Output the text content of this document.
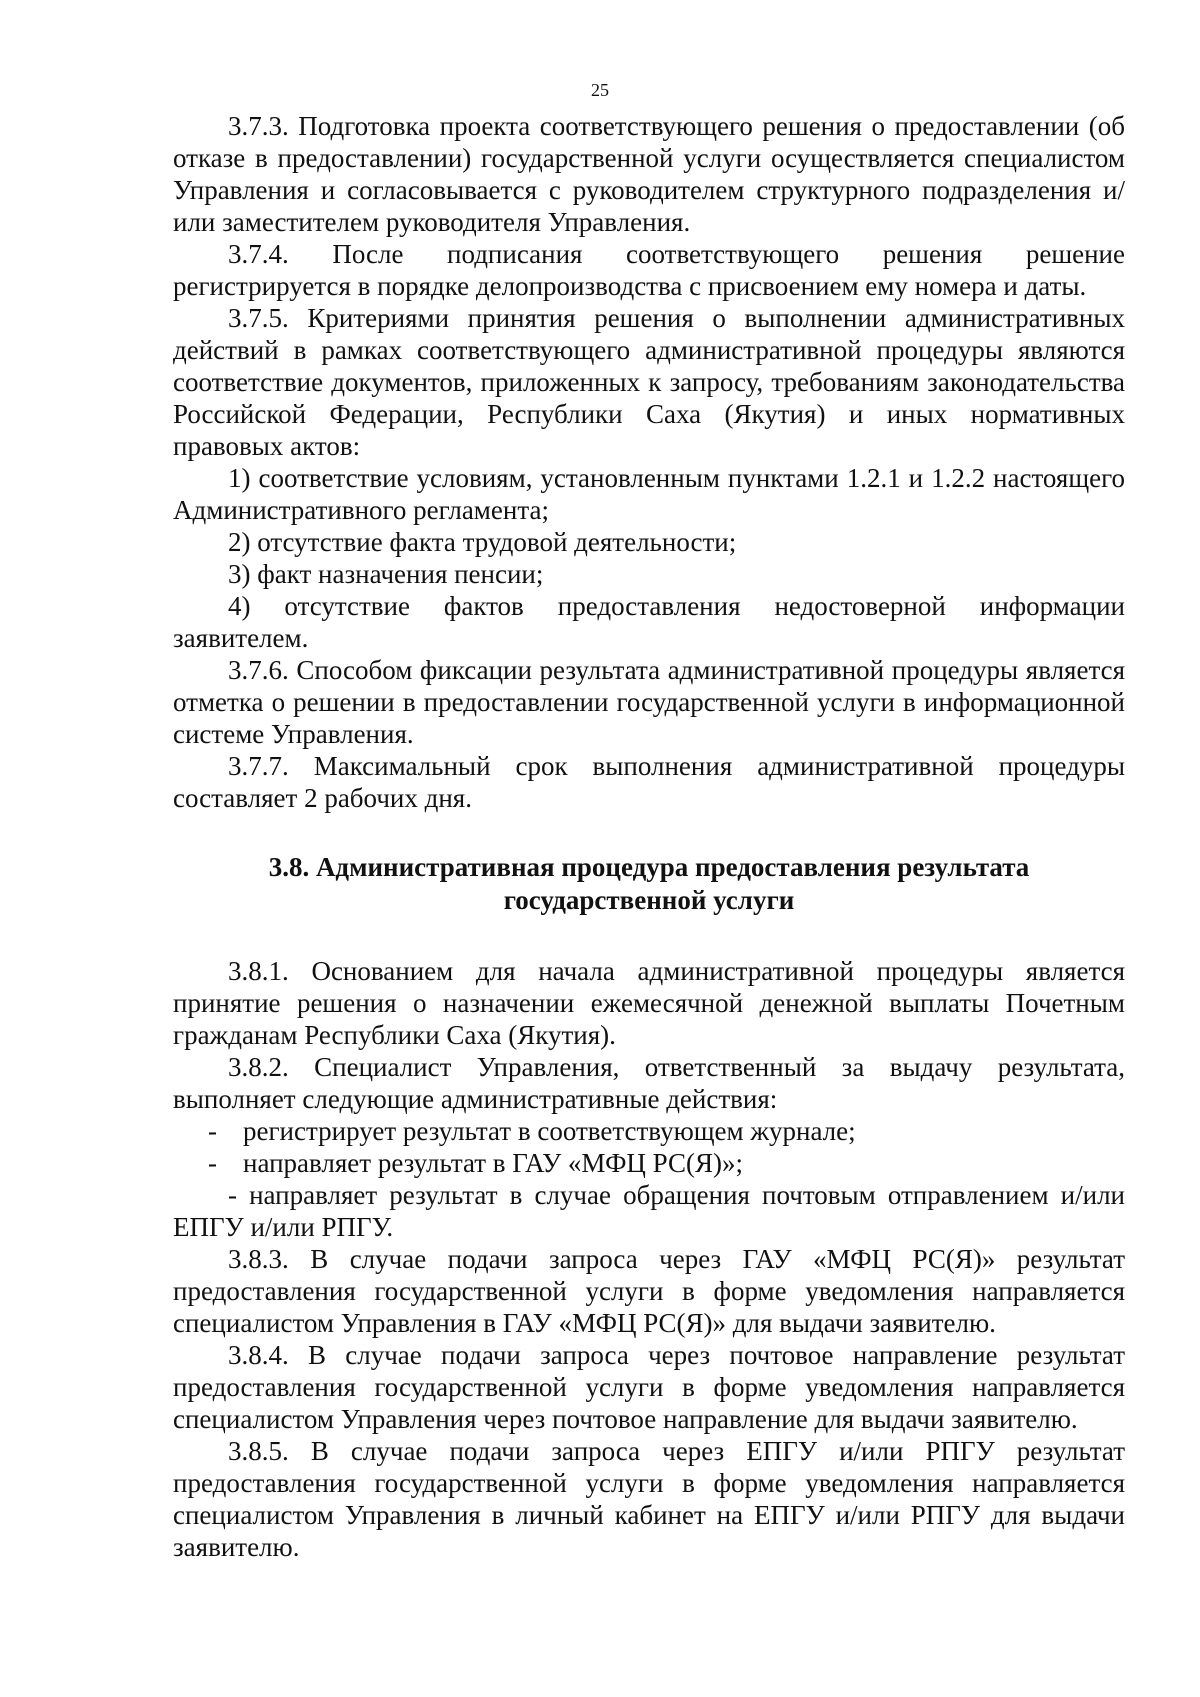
25

3.7.3. Подготовка проекта соответствующего решения о предоставлении (об отказе в предоставлении) государственной услуги осуществляется специалистом Управления и согласовывается с руководителем структурного подразделения и/или заместителем руководителя Управления.

3.7.4. После подписания соответствующего решения решение регистрируется в порядке делопроизводства с присвоением ему номера и даты.

3.7.5. Критериями принятия решения о выполнении административных действий в рамках соответствующего административной процедуры являются соответствие документов, приложенных к запросу, требованиям законодательства Российской Федерации, Республики Саха (Якутия) и иных нормативных правовых актов:

1) соответствие условиям, установленным пунктами 1.2.1 и 1.2.2 настоящего Административного регламента;

2) отсутствие факта трудовой деятельности;

3) факт назначения пенсии;

4) отсутствие фактов предоставления недостоверной информации заявителем.

3.7.6. Способом фиксации результата административной процедуры является отметка о решении в предоставлении государственной услуги в информационной системе Управления.

3.7.7. Максимальный срок выполнения административной процедуры составляет 2 рабочих дня.

3.8. Административная процедура предоставления результата
государственной услуги

3.8.1. Основанием для начала административной процедуры является принятие решения о назначении ежемесячной денежной выплаты Почетным гражданам Республики Саха (Якутия).

3.8.2. Специалист Управления, ответственный за выдачу результата, выполняет следующие административные действия:

- регистрирует результат в соответствующем журнале;
- направляет результат в ГАУ «МФЦ РС(Я)»;

- направляет результат в случае обращения почтовым отправлением и/или ЕПГУ и/или РПГУ.

3.8.3. В случае подачи запроса через ГАУ «МФЦ РС(Я)» результат предоставления государственной услуги в форме уведомления направляется специалистом Управления в ГАУ «МФЦ РС(Я)» для выдачи заявителю.

3.8.4. В случае подачи запроса через почтовое направление результат предоставления государственной услуги в форме уведомления направляется специалистом Управления через почтовое направление для выдачи заявителю.

3.8.5. В случае подачи запроса через ЕПГУ и/или РПГУ результат предоставления государственной услуги в форме уведомления направляется специалистом Управления в личный кабинет на ЕПГУ и/или РПГУ для выдачи заявителю.
